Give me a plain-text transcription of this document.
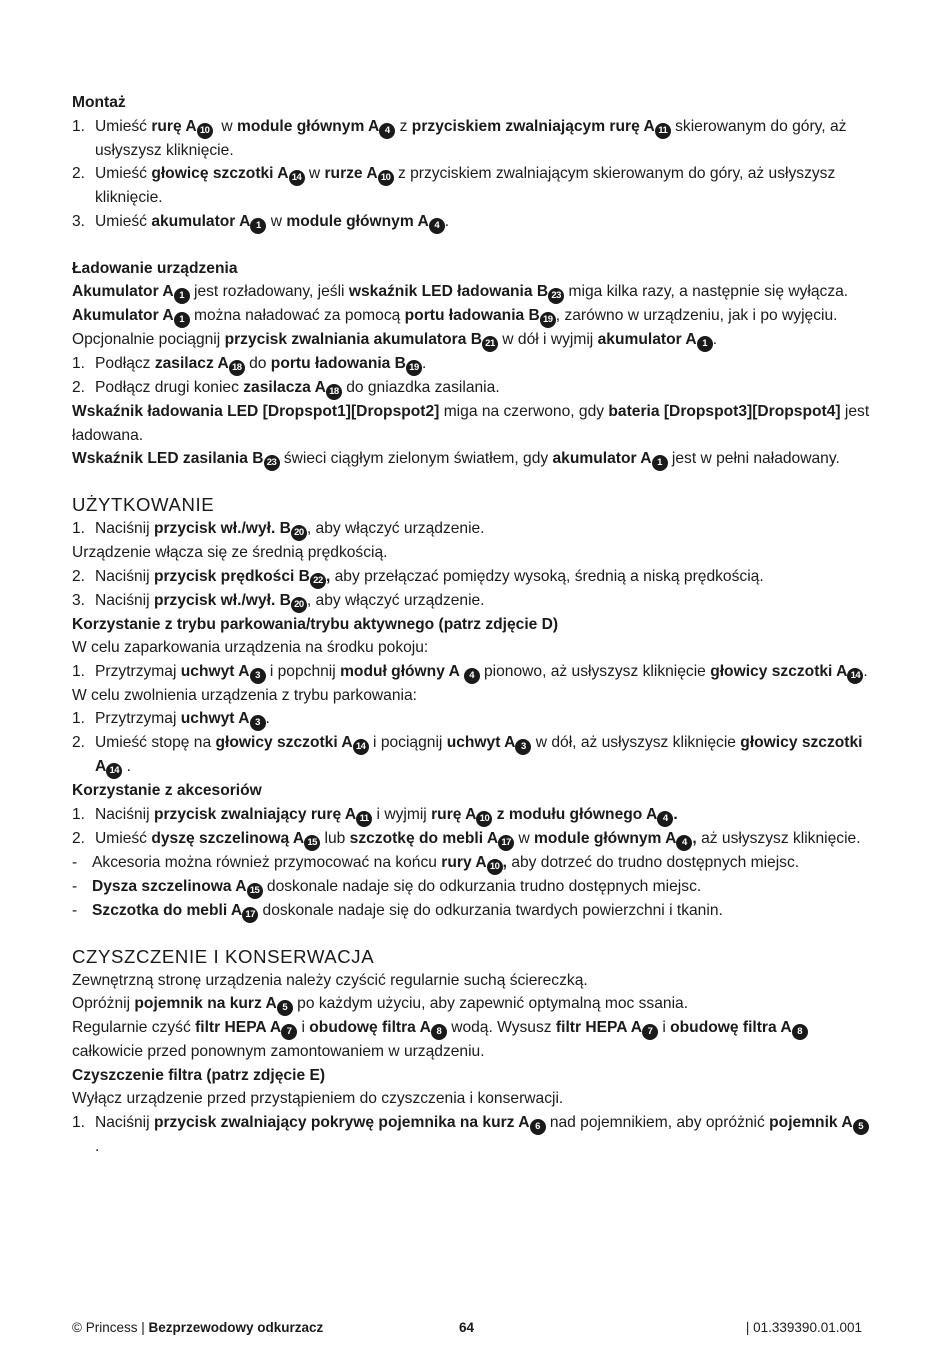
Montaż

1. Umieść rurę A 10  w module głównym A 4 z przyciskiem zwalniającym rurę A 11 skierowanym do góry, aż usłyszysz kliknięcie.

2. Umieść głowicę szczotki A 14 w rurze A 10 z przyciskiem zwalniającym skierowanym do góry, aż usłyszysz kliknięcie.

3. Umieść akumulator A 1 w module głównym A 4 .

Ładowanie urządzenia

Akumulator A 1 jest rozładowany, jeśli wskaźnik LED ładowania B 23 miga kilka razy, a następnie się wyłącza.

Akumulator A 1 można naładować za pomocą portu ładowania B 19 , zarówno w urządzeniu, jak i po wyjęciu.

Opcjonalnie pociągnij przycisk zwalniania akumulatora B 21 w dół i wyjmij akumulator A 1 .

1. Podłącz zasilacz A 18 do portu ładowania B 19 .

2. Podłącz drugi koniec zasilacza A 18 do gniazdka zasilania.

Wskaźnik ładowania LED [Dropspot1][Dropspot2] miga na czerwono, gdy bateria [Dropspot3][Dropspot4] jest ładowana.

Wskaźnik LED zasilania B 23 świeci ciągłym zielonym światłem, gdy akumulator A 1 jest w pełni naładowany.

UŻYTKOWANIE

1. Naciśnij przycisk wł./wył. B 20 , aby włączyć urządzenie.

Urządzenie włącza się ze średnią prędkością.

2. Naciśnij przycisk prędkości B 22 , aby przełączać pomiędzy wysoką, średnią a niską prędkością.

3. Naciśnij przycisk wł./wył. B 20 , aby włączyć urządzenie.

Korzystanie z trybu parkowania/trybu aktywnego (patrz zdjęcie D)

W celu zaparkowania urządzenia na środku pokoju:

1. Przytrzymaj uchwyt A 3 i popchnij moduł główny A 4 pionowo, aż usłyszysz kliknięcie głowicy szczotki A 14 .

W celu zwolnienia urządzenia z trybu parkowania:

1. Przytrzymaj uchwyt A 3 .

2. Umieść stopę na głowicy szczotki A 14 i pociągnij uchwyt A 3 w dół, aż usłyszysz kliknięcie głowicy szczotki A 14 .

Korzystanie z akcesoriów

1. Naciśnij przycisk zwalniający rurę A 11 i wyjmij rurę A 10 z modułu głównego A 4 .

2. Umieść dyszę szczelinową A 15 lub szczotkę do mebli A 17 w module głównym A 4 , aż usłyszysz kliknięcie.

- Akcesoria można również przymocować na końcu rury A 10 , aby dotrzeć do trudno dostępnych miejsc.

- Dysza szczelinowa A 15 doskonale nadaje się do odkurzania trudno dostępnych miejsc.

- Szczotka do mebli A 17 doskonale nadaje się do odkurzania twardych powierzchni i tkanin.

CZYSZCZENIE I KONSERWACJA

Zewnętrzną stronę urządzenia należy czyścić regularnie suchą ściereczką.

Opróżnij pojemnik na kurz A 5 po każdym użyciu, aby zapewnić optymalną moc ssania.

Regularnie czyść filtr HEPA A 7 i obudowę filtra A 8 wodą. Wysusz filtr HEPA A 7 i obudowę filtra A 8 całkowicie przed ponownym zamontowaniem w urządzeniu.

Czyszczenie filtra (patrz zdjęcie E)

Wyłącz urządzenie przed przystąpieniem do czyszczenia i konserwacji.

1. Naciśnij przycisk zwalniający pokrywę pojemnika na kurz A 6 nad pojemnikiem, aby opróżnić pojemnik A 5.

© Princess | Bezprzewodowy odkurzacz	64	| 01.339390.01.001
